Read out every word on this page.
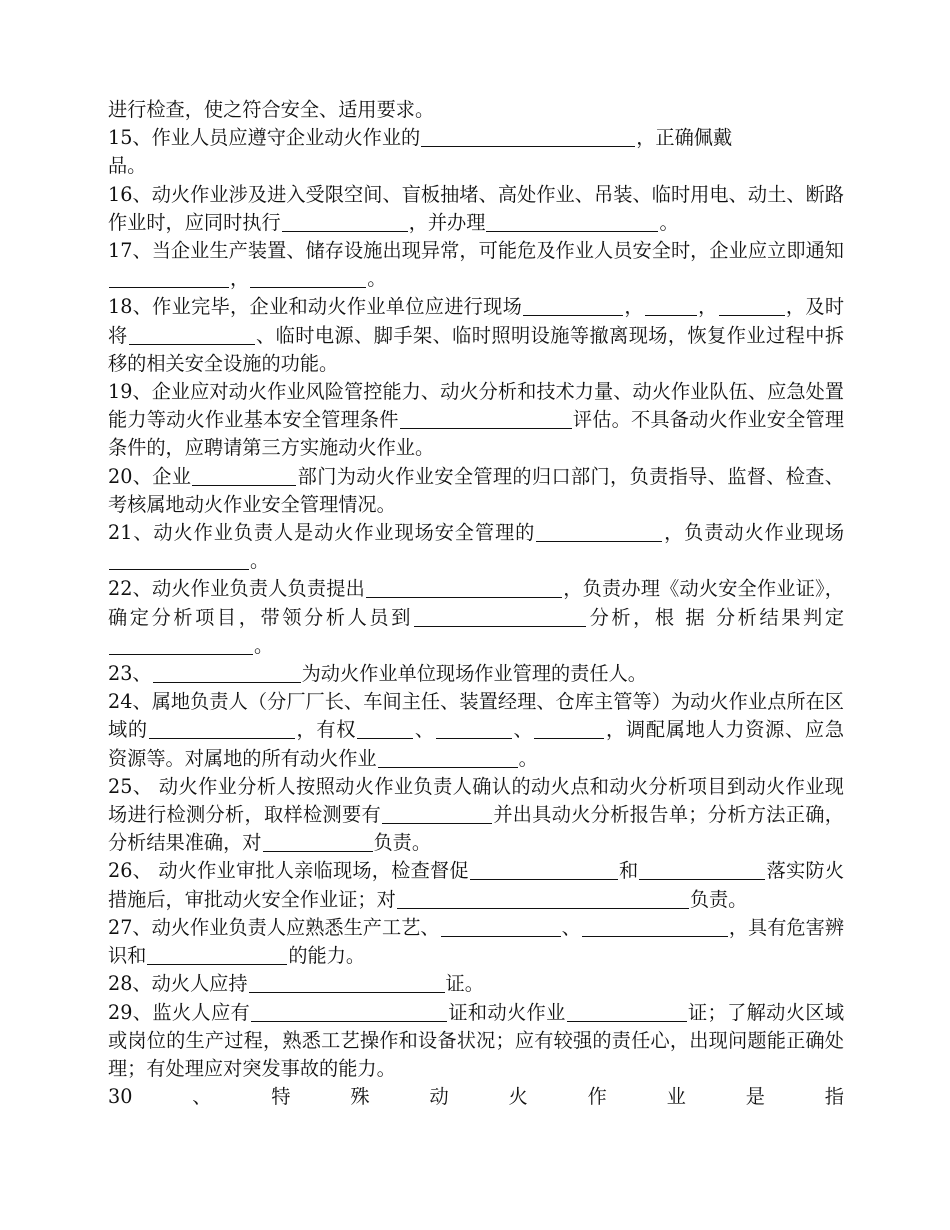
进行检查，使之符合安全、适用要求。

15、作业人员应遵守企业动火作业的	，正确佩戴
品。

16、动火作业涉及进入受限空间、盲板抽堵、高处作业、吊装、临时用电、动土、断路作业时，应同时执行	，并办理	。

17、当企业生产装置、储存设施出现异常，可能危及作业人员安全时，企业应立即通知，	。

18、作业完毕，企业和动火作业单位应进行现场	，	，	，及时将	、临时电源、脚手架、临时照明设施等撤离现场，恢复作业过程中拆移的相关安全设施的功能。

19、企业应对动火作业风险管控能力、动火分析和技术力量、动火作业队伍、应急处置能力等动火作业基本安全管理条件	评估。不具备动火作业安全管理条件的，应聘请第三方实施动火作业。

20、企业	部门为动火作业安全管理的归口部门，负责指导、监督、检查、考核属地动火作业安全管理情况。

21、动火作业负责人是动火作业现场安全管理的	，负责动火作业现场。

22、动火作业负责人负责提出	，负责办理《动火安全作业证》，确定分析项目，带领分析人员到	分析，根 据 分析结果判定。

23、	为动火作业单位现场作业管理的责任人。

24、属地负责人（分厂厂长、车间主任、装置经理、仓库主管等）为动火作业点所在区域的	，有权	、	、	，调配属地人力资源、应急资源等。对属地的所有动火作业	。

25、 动火作业分析人按照动火作业负责人确认的动火点和动火分析项目到动火作业现场进行检测分析，取样检测要有	并出具动火分析报告单；分析方法正确，分析结果准确，对	负责。

26、 动火作业审批人亲临现场，检查督促	和	落实防火措施后，审批动火安全作业证；对	负责。

27、动火作业负责人应熟悉生产工艺、	、	，具有危害辨识和	的能力。

28、动火人应持	证。

29、监火人应有	证和动火作业	证；了解动火区域或岗位的生产过程，熟悉工艺操作和设备状况；应有较强的责任心，出现问题能正确处理；有处理应对突发事故的能力。

30	、	特	殊	动	火	作	业	是	指
